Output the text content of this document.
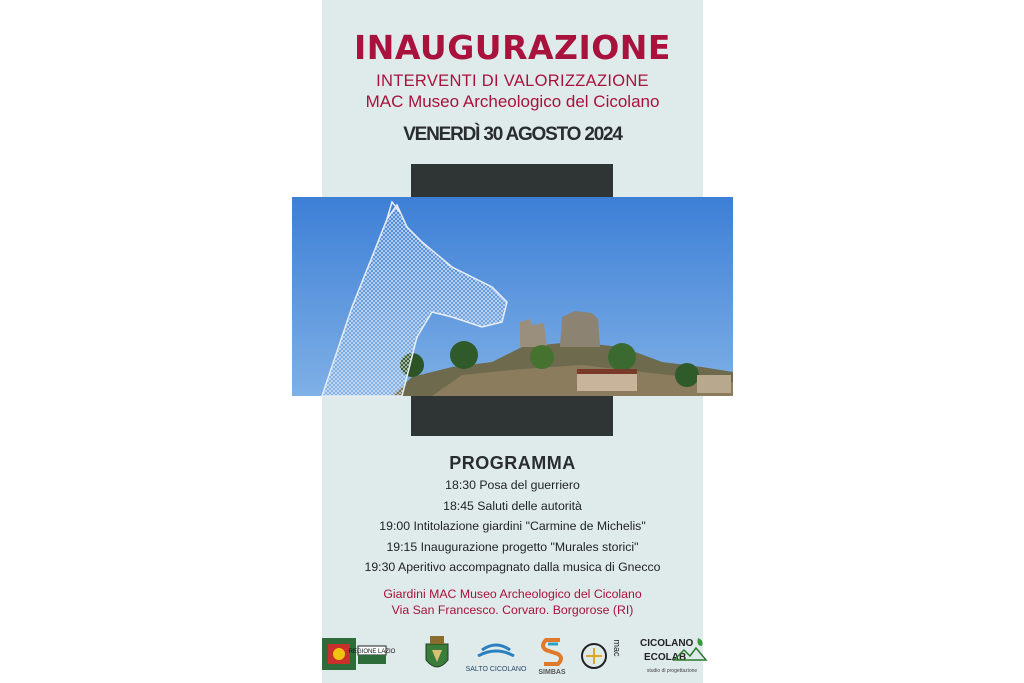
INAUGURAZIONE
INTERVENTI DI VALORIZZAZIONE
MAC Museo Archeologico del Cicolano
VENERDÌ 30 AGOSTO 2024
PROGRAMMA
18:30 Posa del guerriero
18:45 Saluti delle autorità
19:00 Intitolazione giardini "Carmine de Michelis"
19:15 Inaugurazione progetto "Murales storici"
19:30 Aperitivo accompagnato dalla musica di Gnecco
Giardini MAC Museo Archeologico del Cicolano
Via San Francesco. Corvaro. Borgorose (RI)
REGIONE LAZIO
SALTO CICOLANO SIMBAS
mac CICOLANO
ECOLAB
studio di progettazione
